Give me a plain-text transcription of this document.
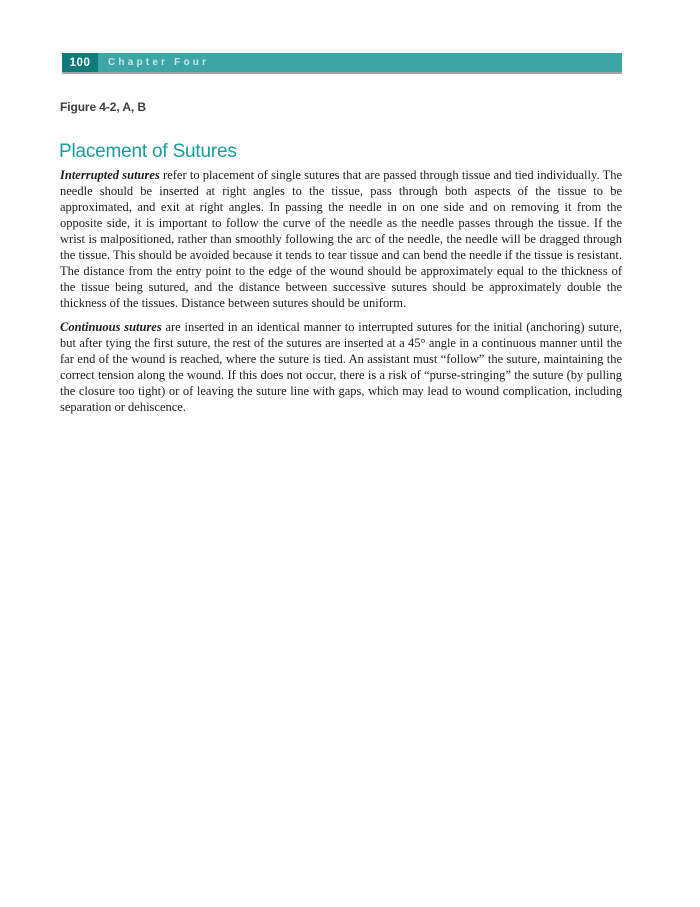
100	Chapter Four
Figure 4-2, A, B
Placement of Sutures

Interrupted sutures refer to placement of single sutures that are passed through tissue and tied individually. The needle should be inserted at right angles to the tissue, pass through both aspects of the tissue to be approximated, and exit at right angles. In passing the needle in on one side and on removing it from the opposite side, it is important to follow the curve of the needle as the needle passes through the tissue. If the wrist is malpositioned, rather than smoothly following the arc of the needle, the needle will be dragged through the tissue. This should be avoided because it tends to tear tissue and can bend the needle if the tissue is resistant. The distance from the entry point to the edge of the wound should be approximately equal to the thickness of the tissue being sutured, and the distance between successive sutures should be approximately double the thickness of the tissues. Distance between sutures should be uniform.

Continuous sutures are inserted in an identical manner to interrupted sutures for the initial (anchoring) suture, but after tying the first suture, the rest of the sutures are inserted at a 45° angle in a continuous manner until the far end of the wound is reached, where the suture is tied. An assistant must “follow” the suture, maintaining the correct tension along the wound. If this does not occur, there is a risk of “purse-stringing” the suture (by pulling the closure too tight) or of leaving the suture line with gaps, which may lead to wound complication, including separation or dehiscence.
